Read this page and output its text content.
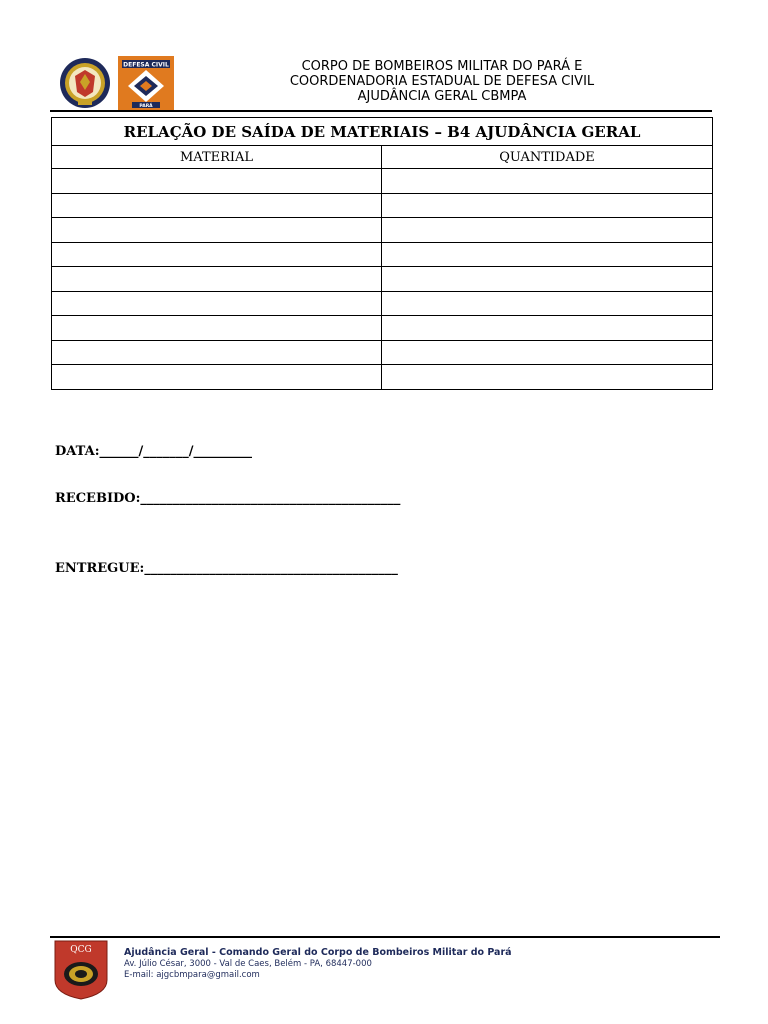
DEFESA CIVIL
PARÁ
CORPO DE BOMBEIROS MILITAR DO PARÁ E
COORDENADORIA ESTADUAL DE DEFESA CIVIL
AJUDÂNCIA GERAL CBMPA
RELAÇÃO DE SAÍDA DE MATERIAIS – B4 AJUDÂNCIA GERAL	
MATERIAL	QUANTIDADE

DATA:______/_______/_________
RECEBIDO:________________________________________
ENTREGUE:_______________________________________
QCG	Ajudância Geral - Comando Geral do Corpo de Bombeiros Militar do Pará
Av. Júlio César, 3000 - Val de Caes, Belém - PA, 68447-000
E-mail: ajgcbmpara@gmail.com
